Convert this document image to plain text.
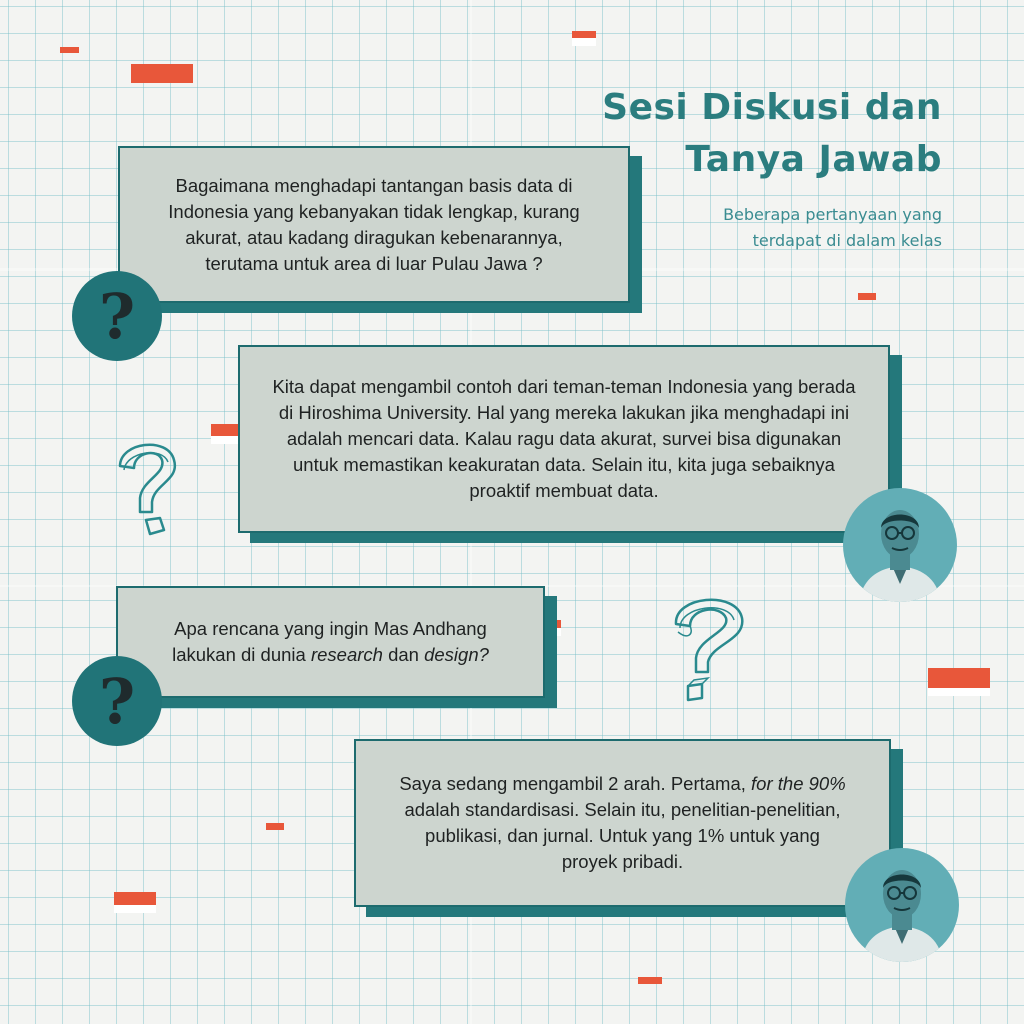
Sesi Diskusi dan
Tanya Jawab
Beberapa pertanyaan yang
terdapat di dalam kelas

Bagaimana menghadapi tantangan basis data di Indonesia yang kebanyakan tidak lengkap, kurang akurat, atau kadang diragukan kebenarannya, terutama untuk area di luar Pulau Jawa ?

?

Kita dapat mengambil contoh dari teman-teman Indonesia yang berada di Hiroshima University. Hal yang mereka lakukan jika menghadapi ini adalah mencari data. Kalau ragu data akurat, survei bisa digunakan untuk memastikan keakuratan data. Selain itu, kita juga sebaiknya proaktif membuat data.

Apa rencana yang ingin Mas Andhang lakukan di dunia research dan design?

?

Saya sedang mengambil 2 arah. Pertama, for the 90% adalah standardisasi. Selain itu, penelitian-penelitian, publikasi, dan jurnal. Untuk yang 1% untuk yang proyek pribadi.
